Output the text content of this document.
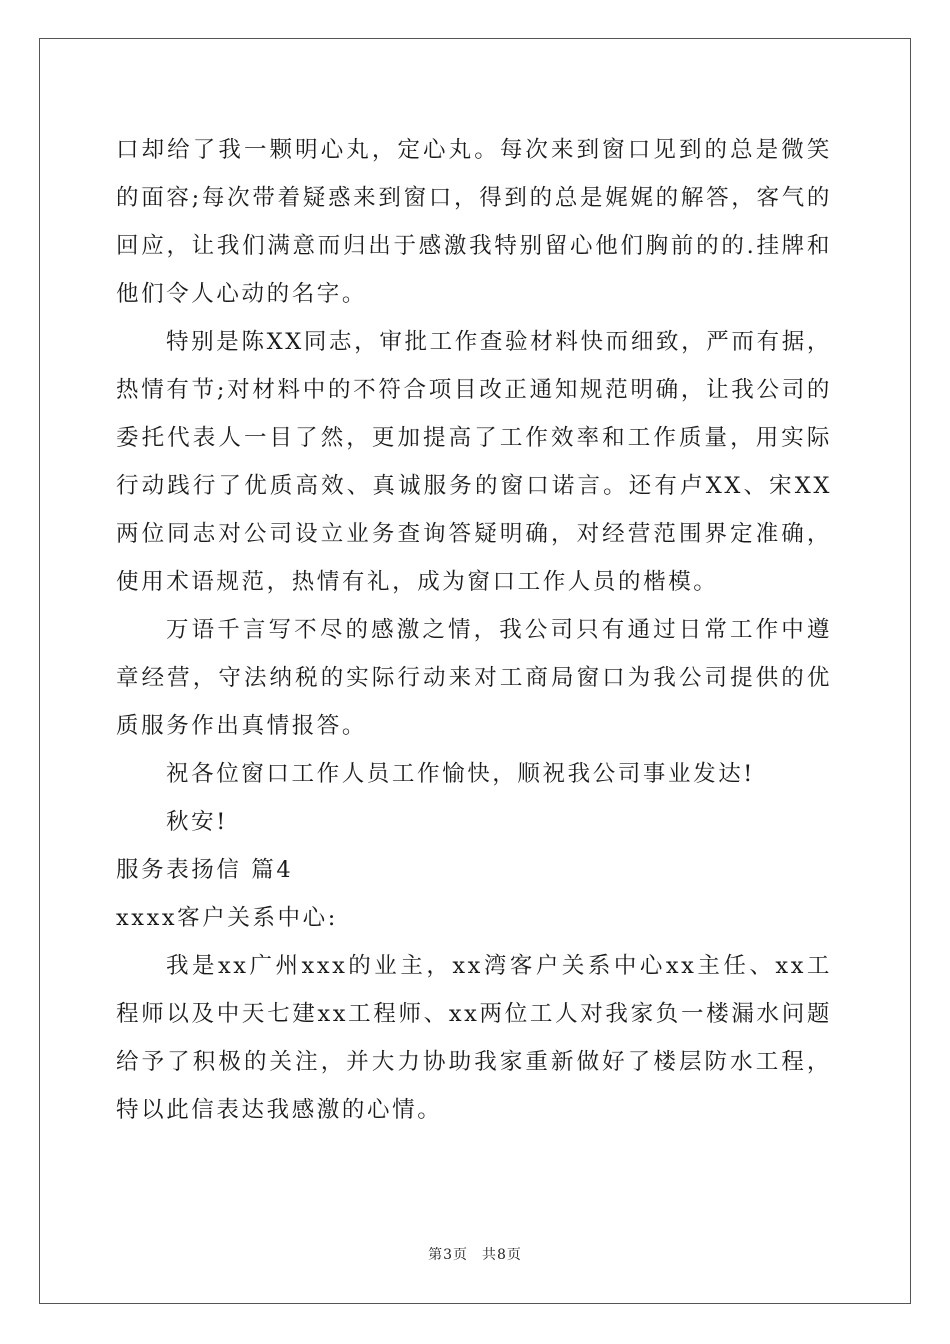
口却给了我一颗明心丸，定心丸。每次来到窗口见到的总是微笑的面容;每次带着疑惑来到窗口，得到的总是娓娓的解答，客气的回应，让我们满意而归出于感激我特别留心他们胸前的的.挂牌和他们令人心动的名字。

特别是陈XX同志，审批工作查验材料快而细致，严而有据，热情有节;对材料中的不符合项目改正通知规范明确，让我公司的委托代表人一目了然，更加提高了工作效率和工作质量，用实际行动践行了优质高效、真诚服务的窗口诺言。还有卢XX、宋XX两位同志对公司设立业务查询答疑明确，对经营范围界定准确，使用术语规范，热情有礼，成为窗口工作人员的楷模。

万语千言写不尽的感激之情，我公司只有通过日常工作中遵章经营，守法纳税的实际行动来对工商局窗口为我公司提供的优质服务作出真情报答。

祝各位窗口工作人员工作愉快，顺祝我公司事业发达!

秋安!

服务表扬信 篇4

xxxx客户关系中心:

我是xx广州xxx的业主，xx湾客户关系中心xx主任、xx工程师以及中天七建xx工程师、xx两位工人对我家负一楼漏水问题给予了积极的关注，并大力协助我家重新做好了楼层防水工程，特以此信表达我感激的心情。

第3页 共8页
